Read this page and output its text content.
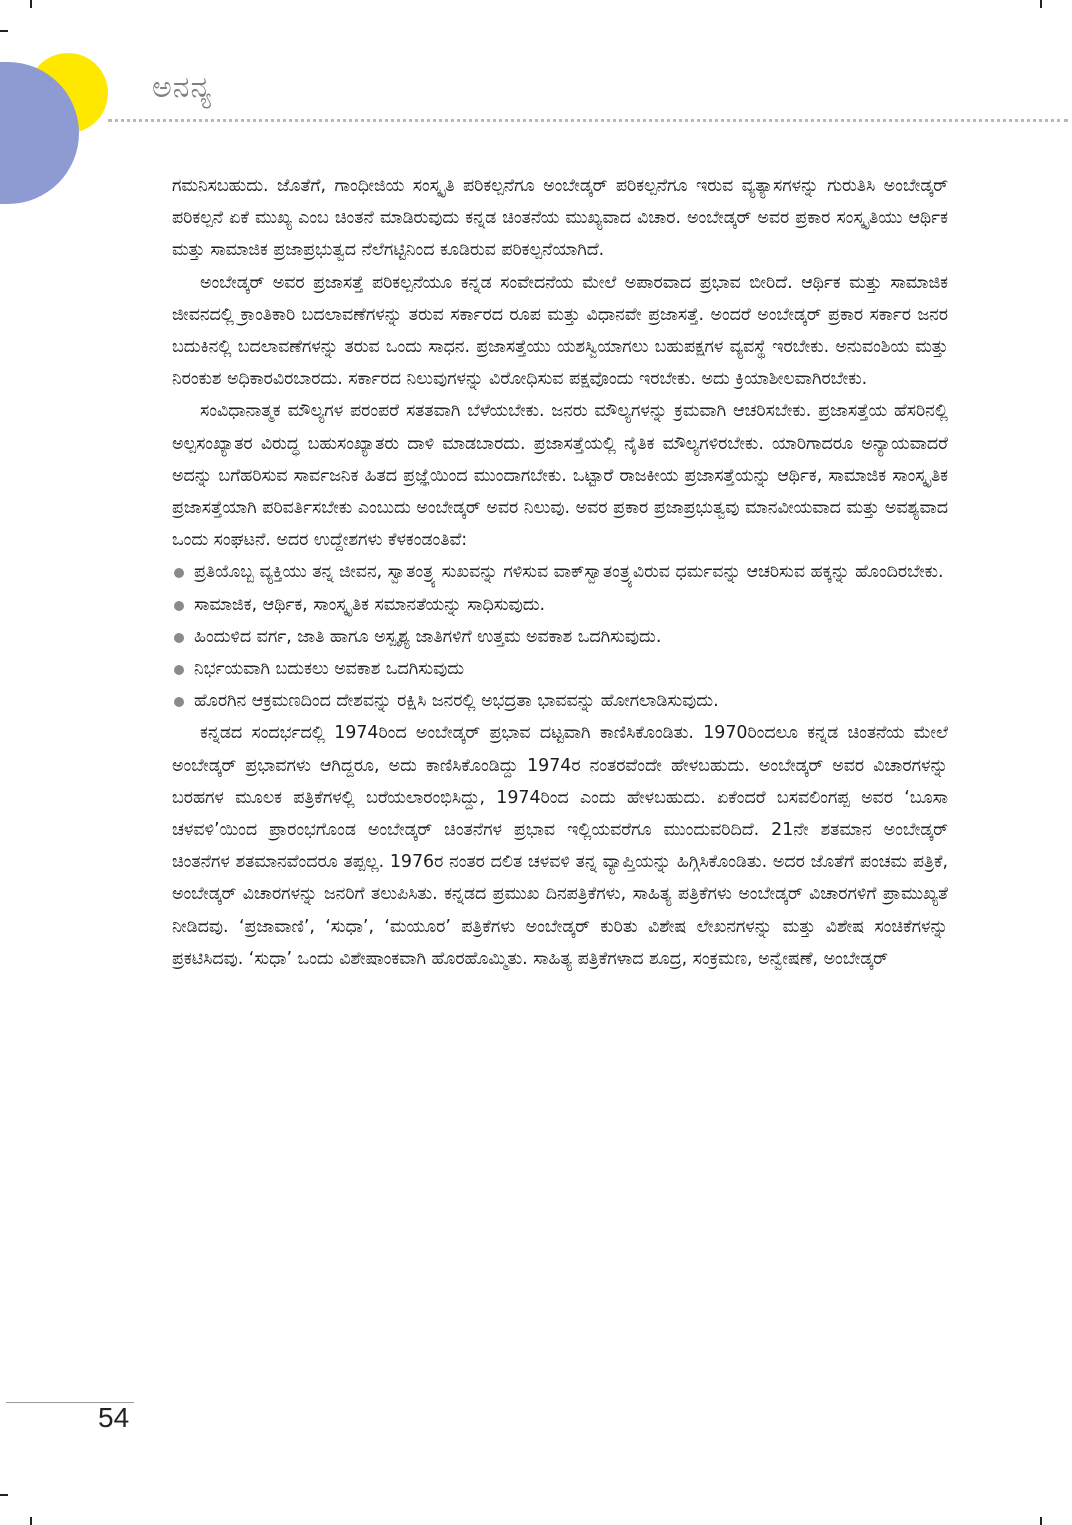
ಅನನ್ಯ

ಗಮನಿಸಬಹುದು. ಜೊತೆಗೆ, ಗಾಂಧೀಜಿಯ ಸಂಸ್ಕೃತಿ ಪರಿಕಲ್ಪನೆಗೂ ಅಂಬೇಡ್ಕರ್ ಪರಿಕಲ್ಪನೆಗೂ ಇರುವ ವ್ಯತ್ಯಾಸಗಳನ್ನು ಗುರುತಿಸಿ ಅಂಬೇಡ್ಕರ್ ಪರಿಕಲ್ಪನೆ ಏಕೆ ಮುಖ್ಯ ಎಂಬ ಚಿಂತನೆ ಮಾಡಿರುವುದು ಕನ್ನಡ ಚಿಂತನೆಯ ಮುಖ್ಯವಾದ ವಿಚಾರ. ಅಂಬೇಡ್ಕರ್ ಅವರ ಪ್ರಕಾರ ಸಂಸ್ಕೃತಿಯು ಆರ್ಥಿಕ ಮತ್ತು ಸಾಮಾಜಿಕ ಪ್ರಜಾಪ್ರಭುತ್ವದ ನೆಲೆಗಟ್ಟಿನಿಂದ ಕೂಡಿರುವ ಪರಿಕಲ್ಪನೆಯಾಗಿದೆ.

ಅಂಬೇಡ್ಕರ್ ಅವರ ಪ್ರಜಾಸತ್ತೆ ಪರಿಕಲ್ಪನೆಯೂ ಕನ್ನಡ ಸಂವೇದನೆಯ ಮೇಲೆ ಅಪಾರವಾದ ಪ್ರಭಾವ ಬೀರಿದೆ. ಆರ್ಥಿಕ ಮತ್ತು ಸಾಮಾಜಿಕ ಜೀವನದಲ್ಲಿ ಕ್ರಾಂತಿಕಾರಿ ಬದಲಾವಣೆಗಳನ್ನು ತರುವ ಸರ್ಕಾರದ ರೂಪ ಮತ್ತು ವಿಧಾನವೇ ಪ್ರಜಾಸತ್ತೆ. ಅಂದರೆ ಅಂಬೇಡ್ಕರ್ ಪ್ರಕಾರ ಸರ್ಕಾರ ಜನರ ಬದುಕಿನಲ್ಲಿ ಬದಲಾವಣೆಗಳನ್ನು ತರುವ ಒಂದು ಸಾಧನ. ಪ್ರಜಾಸತ್ತೆಯು ಯಶಸ್ವಿಯಾಗಲು ಬಹುಪಕ್ಷಗಳ ವ್ಯವಸ್ಥೆ ಇರಬೇಕು. ಅನುವಂಶಿಯ ಮತ್ತು ನಿರಂಕುಶ ಅಧಿಕಾರವಿರಬಾರದು. ಸರ್ಕಾರದ ನಿಲುವುಗಳನ್ನು ವಿರೋಧಿಸುವ ಪಕ್ಷವೊಂದು ಇರಬೇಕು. ಅದು ಕ್ರಿಯಾಶೀಲವಾಗಿರಬೇಕು.

ಸಂವಿಧಾನಾತ್ಮಕ ಮೌಲ್ಯಗಳ ಪರಂಪರೆ ಸತತವಾಗಿ ಬೆಳೆಯಬೇಕು. ಜನರು ಮೌಲ್ಯಗಳನ್ನು ಕ್ರಮವಾಗಿ ಆಚರಿಸಬೇಕು. ಪ್ರಜಾಸತ್ತೆಯ ಹೆಸರಿನಲ್ಲಿ ಅಲ್ಪಸಂಖ್ಯಾತರ ವಿರುದ್ಧ ಬಹುಸಂಖ್ಯಾತರು ದಾಳಿ ಮಾಡಬಾರದು. ಪ್ರಜಾಸತ್ತೆಯಲ್ಲಿ ನೈತಿಕ ಮೌಲ್ಯಗಳಿರಬೇಕು. ಯಾರಿಗಾದರೂ ಅನ್ಯಾಯವಾದರೆ ಅದನ್ನು ಬಗೆಹರಿಸುವ ಸಾರ್ವಜನಿಕ ಹಿತದ ಪ್ರಜ್ಞೆಯಿಂದ ಮುಂದಾಗಬೇಕು. ಒಟ್ಟಾರೆ ರಾಜಕೀಯ ಪ್ರಜಾಸತ್ತೆಯನ್ನು ಆರ್ಥಿಕ, ಸಾಮಾಜಿಕ ಸಾಂಸ್ಕೃತಿಕ ಪ್ರಜಾಸತ್ತೆಯಾಗಿ ಪರಿವರ್ತಿಸಬೇಕು ಎಂಬುದು ಅಂಬೇಡ್ಕರ್ ಅವರ ನಿಲುವು. ಅವರ ಪ್ರಕಾರ ಪ್ರಜಾಪ್ರಭುತ್ವವು ಮಾನವೀಯವಾದ ಮತ್ತು ಅವಶ್ಯವಾದ ಒಂದು ಸಂಘಟನೆ. ಅದರ ಉದ್ದೇಶಗಳು ಕೆಳಕಂಡಂತಿವೆ:

ಪ್ರತಿಯೊಬ್ಬ ವ್ಯಕ್ತಿಯು ತನ್ನ ಜೀವನ, ಸ್ವಾತಂತ್ರ್ಯ ಸುಖವನ್ನು ಗಳಿಸುವ ವಾಕ್‌ಸ್ವಾತಂತ್ರ್ಯವಿರುವ ಧರ್ಮವನ್ನು ಆಚರಿಸುವ ಹಕ್ಕನ್ನು ಹೊಂದಿರಬೇಕು.
ಸಾಮಾಜಿಕ, ಆರ್ಥಿಕ, ಸಾಂಸ್ಕೃತಿಕ ಸಮಾನತೆಯನ್ನು ಸಾಧಿಸುವುದು.
ಹಿಂದುಳಿದ ವರ್ಗ, ಜಾತಿ ಹಾಗೂ ಅಸ್ಪೃಶ್ಯ ಜಾತಿಗಳಿಗೆ ಉತ್ತಮ ಅವಕಾಶ ಒದಗಿಸುವುದು.
ನಿರ್ಭಯವಾಗಿ ಬದುಕಲು ಅವಕಾಶ ಒದಗಿಸುವುದು
ಹೊರಗಿನ ಆಕ್ರಮಣದಿಂದ ದೇಶವನ್ನು ರಕ್ಷಿಸಿ ಜನರಲ್ಲಿ ಅಭದ್ರತಾ ಭಾವವನ್ನು ಹೋಗಲಾಡಿಸುವುದು.

ಕನ್ನಡದ ಸಂದರ್ಭದಲ್ಲಿ 1974ರಿಂದ ಅಂಬೇಡ್ಕರ್ ಪ್ರಭಾವ ದಟ್ಟವಾಗಿ ಕಾಣಿಸಿಕೊಂಡಿತು. 1970ರಿಂದಲೂ ಕನ್ನಡ ಚಿಂತನೆಯ ಮೇಲೆ ಅಂಬೇಡ್ಕರ್ ಪ್ರಭಾವಗಳು ಆಗಿದ್ದರೂ, ಅದು ಕಾಣಿಸಿಕೊಂಡಿದ್ದು 1974ರ ನಂತರವೆಂದೇ ಹೇಳಬಹುದು. ಅಂಬೇಡ್ಕರ್ ಅವರ ವಿಚಾರಗಳನ್ನು ಬರಹಗಳ ಮೂಲಕ ಪತ್ರಿಕೆಗಳಲ್ಲಿ ಬರೆಯಲಾರಂಭಿಸಿದ್ದು, 1974ರಿಂದ ಎಂದು ಹೇಳಬಹುದು. ಏಕೆಂದರೆ ಬಸವಲಿಂಗಪ್ಪ ಅವರ ‘ಬೂಸಾ ಚಳವಳಿ’ಯಿಂದ ಪ್ರಾರಂಭಗೊಂಡ ಅಂಬೇಡ್ಕರ್ ಚಿಂತನೆಗಳ ಪ್ರಭಾವ ಇಲ್ಲಿಯವರೆಗೂ ಮುಂದುವರಿದಿದೆ. 21ನೇ ಶತಮಾನ ಅಂಬೇಡ್ಕರ್ ಚಿಂತನೆಗಳ ಶತಮಾನವೆಂದರೂ ತಪ್ಪಲ್ಲ. 1976ರ ನಂತರ ದಲಿತ ಚಳವಳಿ ತನ್ನ ವ್ಯಾಪ್ತಿಯನ್ನು ಹಿಗ್ಗಿಸಿಕೊಂಡಿತು. ಅದರ ಜೊತೆಗೆ ಪಂಚಮ ಪತ್ರಿಕೆ, ಅಂಬೇಡ್ಕರ್ ವಿಚಾರಗಳನ್ನು ಜನರಿಗೆ ತಲುಪಿಸಿತು. ಕನ್ನಡದ ಪ್ರಮುಖ ದಿನಪತ್ರಿಕೆಗಳು, ಸಾಹಿತ್ಯ ಪತ್ರಿಕೆಗಳು ಅಂಬೇಡ್ಕರ್ ವಿಚಾರಗಳಿಗೆ ಪ್ರಾಮುಖ್ಯತೆ ನೀಡಿದವು. ‘ಪ್ರಜಾವಾಣಿ’, ‘ಸುಧಾ’, ‘ಮಯೂರ’ ಪತ್ರಿಕೆಗಳು ಅಂಬೇಡ್ಕರ್ ಕುರಿತು ವಿಶೇಷ ಲೇಖನಗಳನ್ನು ಮತ್ತು ವಿಶೇಷ ಸಂಚಿಕೆಗಳನ್ನು ಪ್ರಕಟಿಸಿದವು. ‘ಸುಧಾ’ ಒಂದು ವಿಶೇಷಾಂಕವಾಗಿ ಹೊರಹೊಮ್ಮಿತು. ಸಾಹಿತ್ಯ ಪತ್ರಿಕೆಗಳಾದ ಶೂದ್ರ, ಸಂಕ್ರಮಣ, ಅನ್ವೇಷಣೆ, ಅಂಬೇಡ್ಕರ್

54
